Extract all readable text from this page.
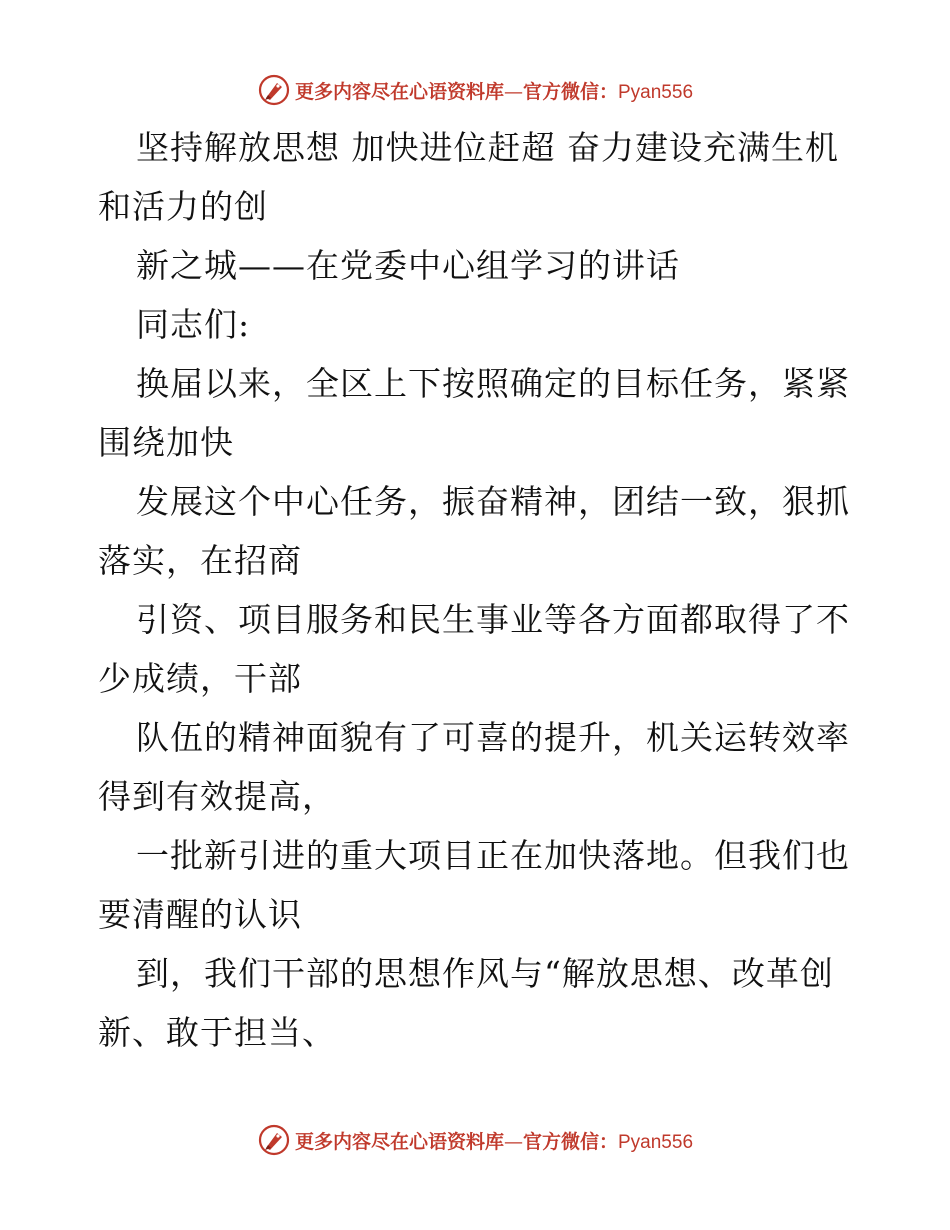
更多内容尽在心语资料库—官方微信：Pyan556
坚持解放思想 加快进位赶超 奋力建设充满生机
和活力的创
新之城——在党委中心组学习的讲话
同志们:
换届以来，全区上下按照确定的目标任务，紧紧
围绕加快
发展这个中心任务，振奋精神，团结一致，狠抓
落实，在招商
引资、项目服务和民生事业等各方面都取得了不
少成绩，干部
队伍的精神面貌有了可喜的提升，机关运转效率
得到有效提高，
一批新引进的重大项目正在加快落地。但我们也
要清醒的认识
到，我们干部的思想作风与“解放思想、改革创
新、敢于担当、
更多内容尽在心语资料库—官方微信：Pyan556
